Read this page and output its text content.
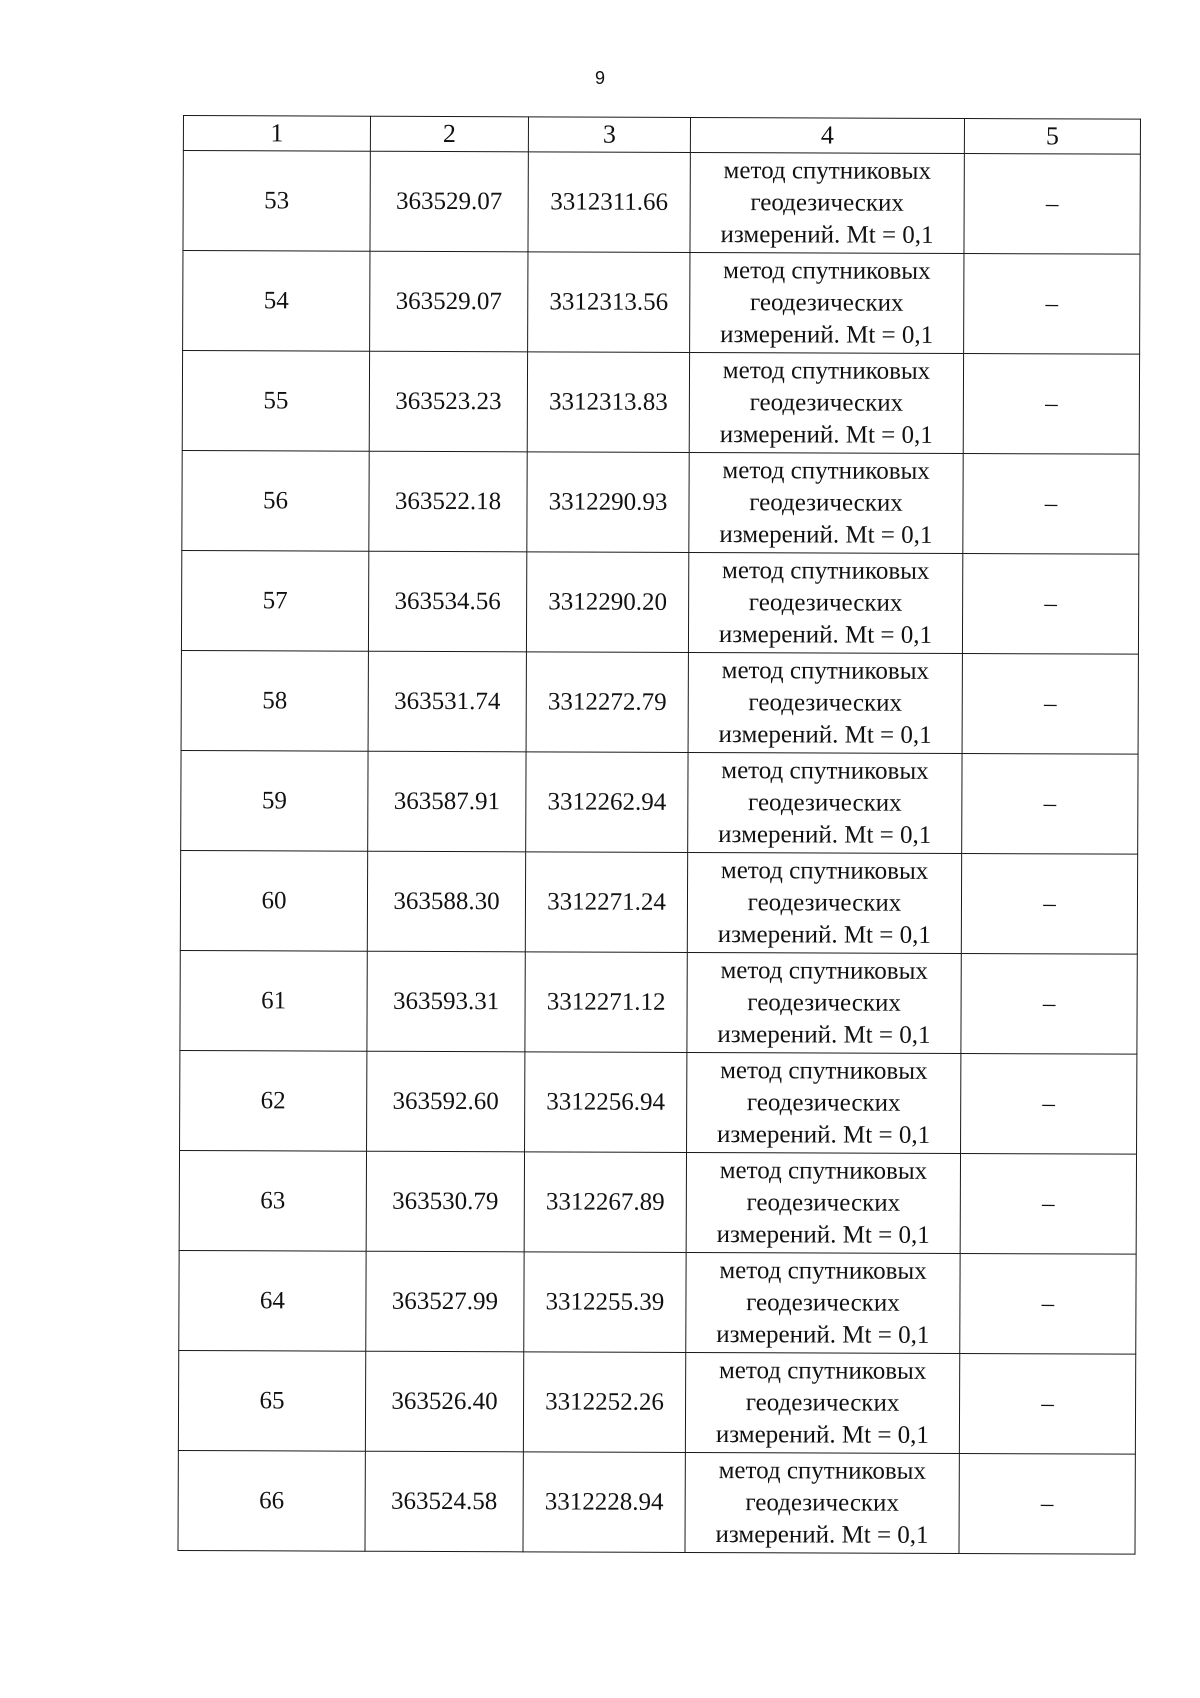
9
1	2	3	4	5
53	363529.07	3312311.66	метод спутниковых
геодезических
измерений. Mt = 0,1	–
54	363529.07	3312313.56	метод спутниковых
геодезических
измерений. Mt = 0,1	–
55	363523.23	3312313.83	метод спутниковых
геодезических
измерений. Mt = 0,1	–
56	363522.18	3312290.93	метод спутниковых
геодезических
измерений. Mt = 0,1	–
57	363534.56	3312290.20	метод спутниковых
геодезических
измерений. Mt = 0,1	–
58	363531.74	3312272.79	метод спутниковых
геодезических
измерений. Mt = 0,1	–
59	363587.91	3312262.94	метод спутниковых
геодезических
измерений. Mt = 0,1	–
60	363588.30	3312271.24	метод спутниковых
геодезических
измерений. Mt = 0,1	–
61	363593.31	3312271.12	метод спутниковых
геодезических
измерений. Mt = 0,1	–
62	363592.60	3312256.94	метод спутниковых
геодезических
измерений. Mt = 0,1	–
63	363530.79	3312267.89	метод спутниковых
геодезических
измерений. Mt = 0,1	–
64	363527.99	3312255.39	метод спутниковых
геодезических
измерений. Mt = 0,1	–
65	363526.40	3312252.26	метод спутниковых
геодезических
измерений. Mt = 0,1	–
66	363524.58	3312228.94	метод спутниковых
геодезических
измерений. Mt = 0,1	–
